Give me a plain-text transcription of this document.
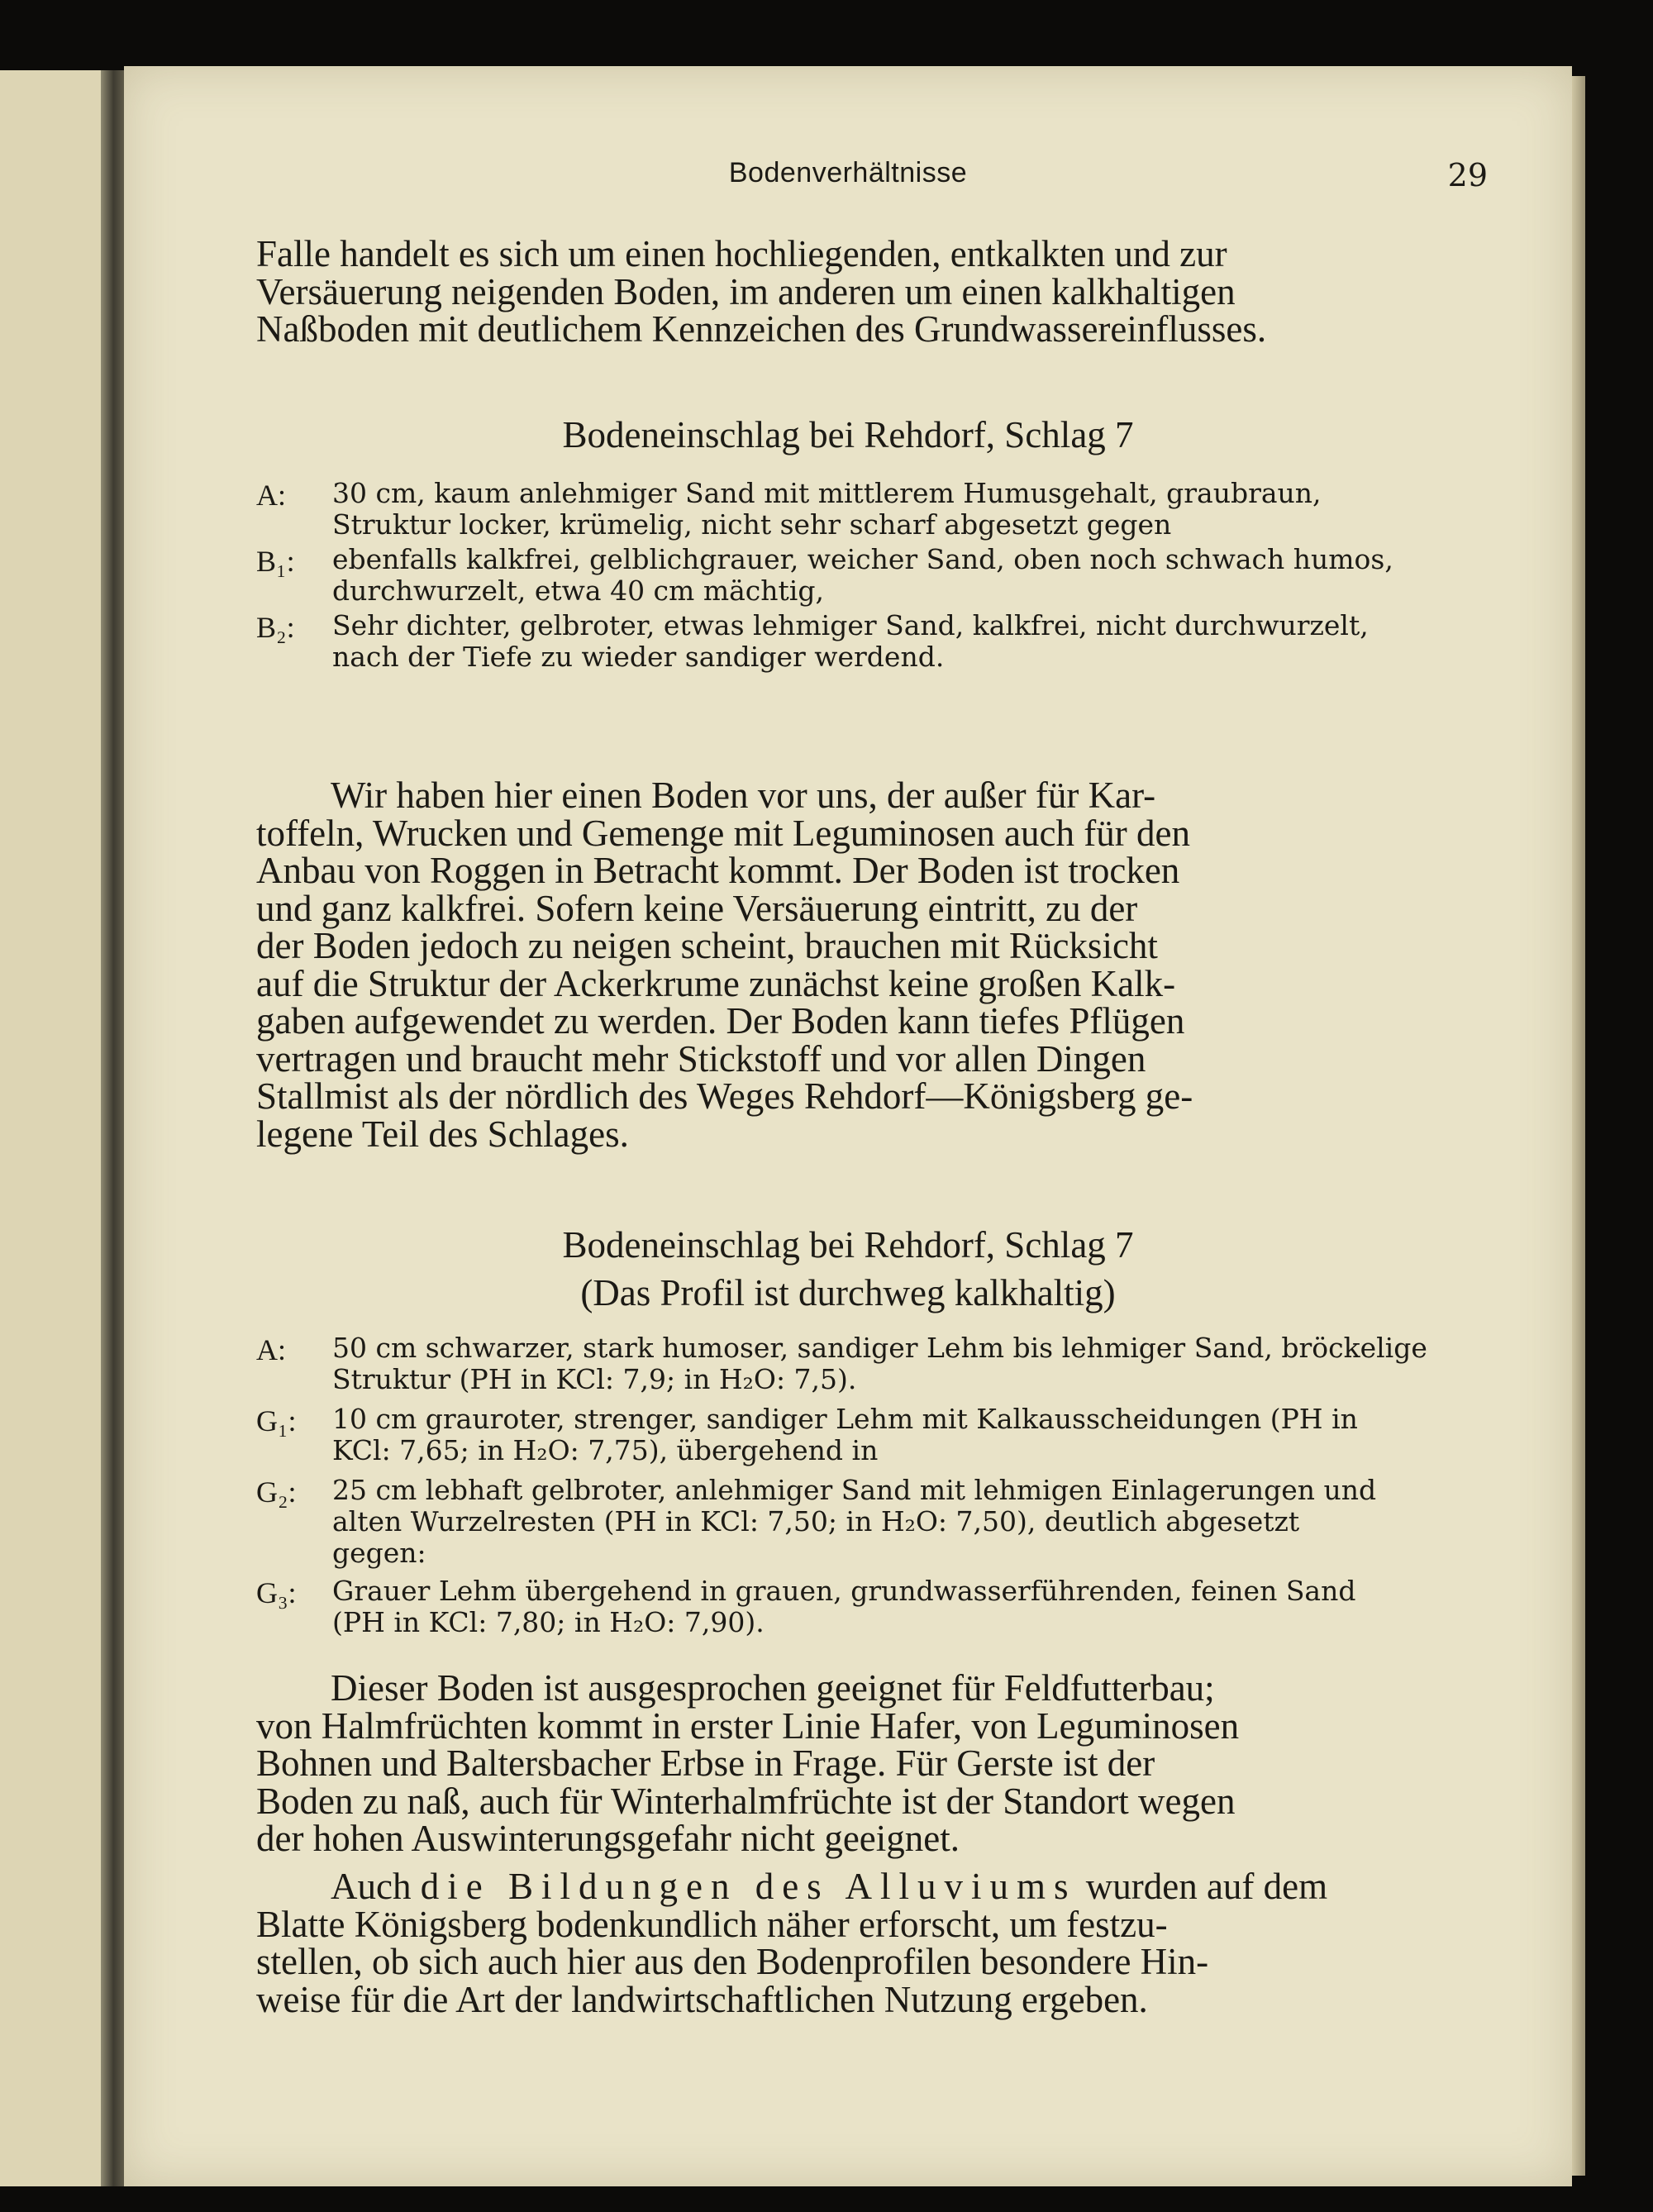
Bodenverhältnisse	29
Falle handelt es sich um einen hochliegenden, entkalkten und zur
Versäuerung neigenden Boden, im anderen um einen kalkhaltigen
Naßboden mit deutlichem Kennzeichen des Grundwassereinflusses.
Bodeneinschlag bei Rehdorf, Schlag 7
A:	30 cm, kaum anlehmiger Sand mit mittlerem Humusgehalt, graubraun,
Struktur locker, krümelig, nicht sehr scharf abgesetzt gegen
B₁:	ebenfalls kalkfrei, gelblichgrauer, weicher Sand, oben noch schwach humos,
durchwurzelt, etwa 40 cm mächtig,
B₂:	Sehr dichter, gelbroter, etwas lehmiger Sand, kalkfrei, nicht durchwurzelt,
nach der Tiefe zu wieder sandiger werdend.
Wir haben hier einen Boden vor uns, der außer für Kar-
toffeln, Wrucken und Gemenge mit Leguminosen auch für den
Anbau von Roggen in Betracht kommt. Der Boden ist trocken
und ganz kalkfrei. Sofern keine Versäuerung eintritt, zu der
der Boden jedoch zu neigen scheint, brauchen mit Rücksicht
auf die Struktur der Ackerkrume zunächst keine großen Kalk-
gaben aufgewendet zu werden. Der Boden kann tiefes Pflügen
vertragen und braucht mehr Stickstoff und vor allen Dingen
Stallmist als der nördlich des Weges Rehdorf—Königsberg ge-
legene Teil des Schlages.
Bodeneinschlag bei Rehdorf, Schlag 7
(Das Profil ist durchweg kalkhaltig)
A:	50 cm schwarzer, stark humoser, sandiger Lehm bis lehmiger Sand, bröckelige
Struktur (PH in KCl: 7,9; in H₂O: 7,5).
G₁:	10 cm grauroter, strenger, sandiger Lehm mit Kalkausscheidungen (PH in
KCl: 7,65; in H₂O: 7,75), übergehend in
G₂:	25 cm lebhaft gelbroter, anlehmiger Sand mit lehmigen Einlagerungen und
alten Wurzelresten (PH in KCl: 7,50; in H₂O: 7,50), deutlich abgesetzt
gegen:
G₃:	Grauer Lehm übergehend in grauen, grundwasserführenden, feinen Sand
(PH in KCl: 7,80; in H₂O: 7,90).
Dieser Boden ist ausgesprochen geeignet für Feldfutterbau;
von Halmfrüchten kommt in erster Linie Hafer, von Leguminosen
Bohnen und Baltersbacher Erbse in Frage. Für Gerste ist der
Boden zu naß, auch für Winterhalmfrüchte ist der Standort wegen
der hohen Auswinterungsgefahr nicht geeignet.
Auch die Bildungen des Alluviums wurden auf dem
Blatte Königsberg bodenkundlich näher erforscht, um festzu-
stellen, ob sich auch hier aus den Bodenprofilen besondere Hin-
weise für die Art der landwirtschaftlichen Nutzung ergeben.
